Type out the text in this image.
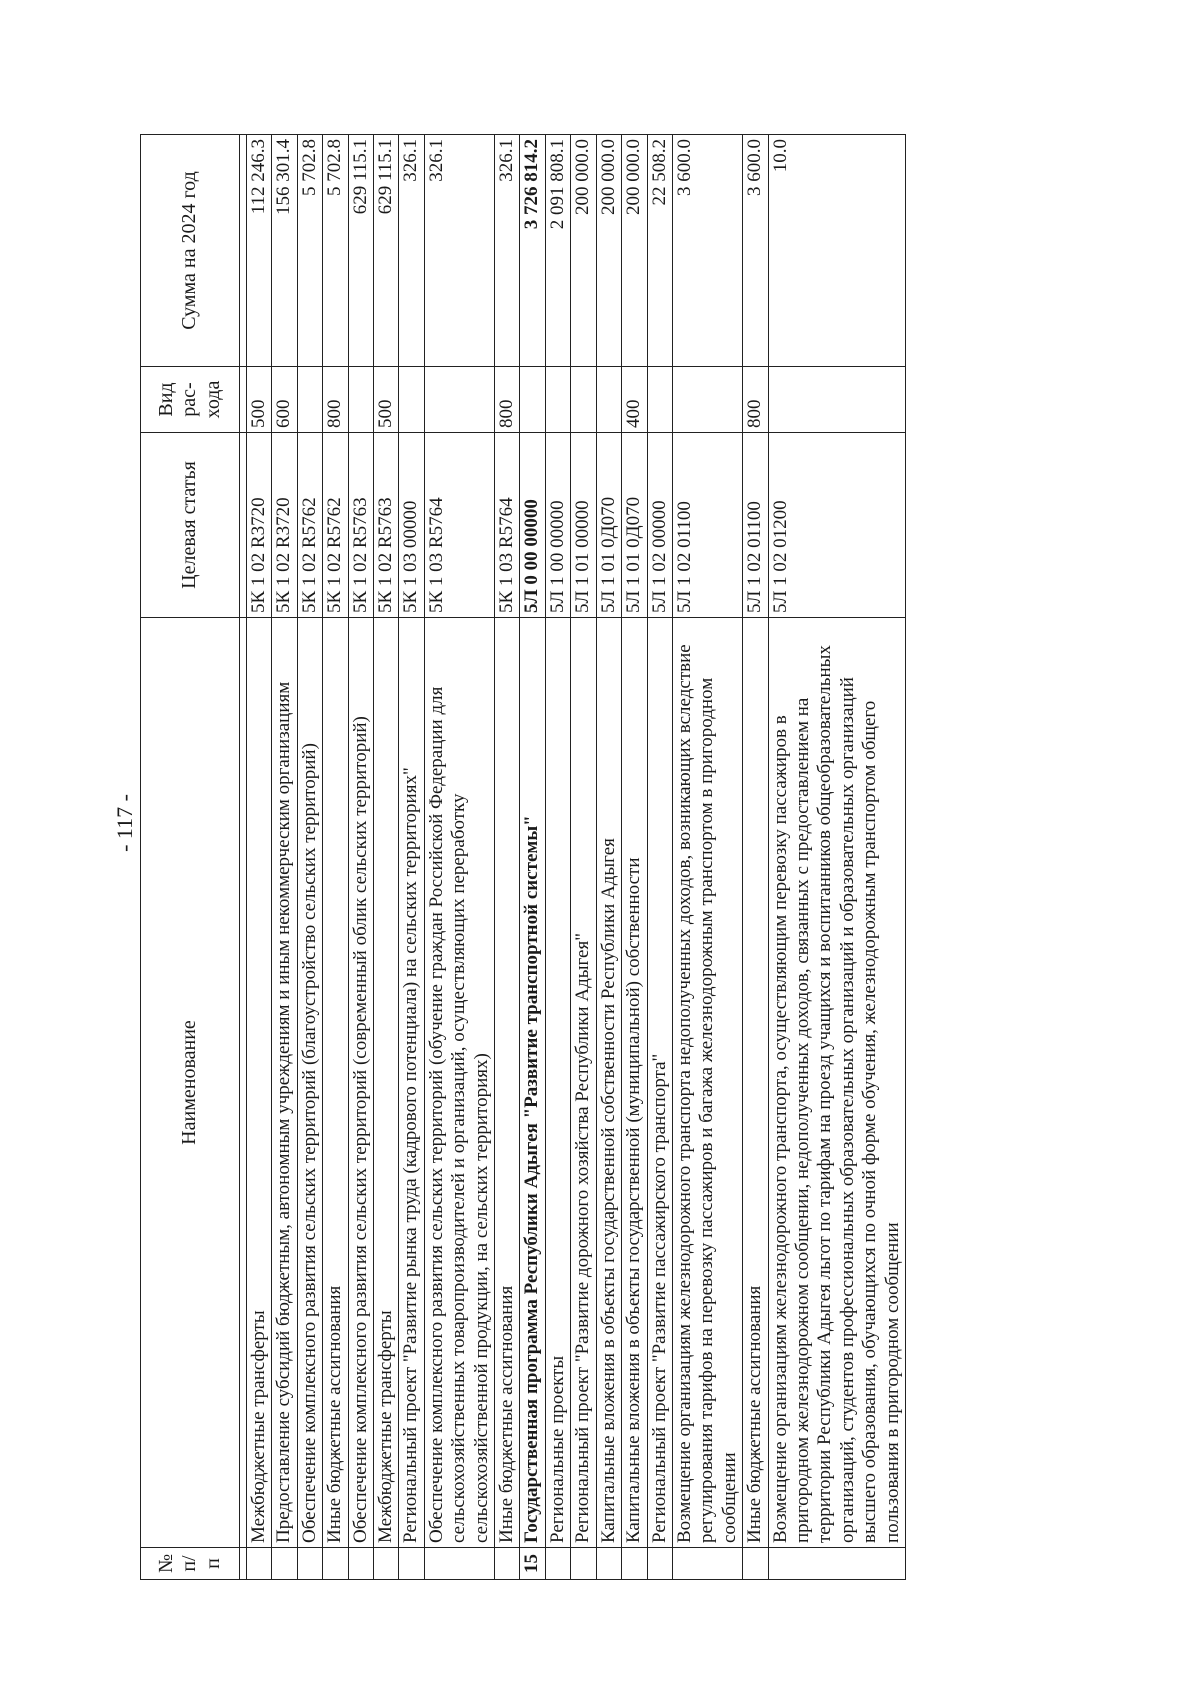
- 117 -
№ п/п	Наименование	Целевая статья	Вид рас-хода	Сумма на 2024 год

	Межбюджетные трансферты	5К 1 02 R3720	500	112 246.3
	Предоставление субсидий бюджетным, автономным учреждениям и иным некоммерческим организациям	5К 1 02 R3720	600	156 301.4
	Обеспечение комплексного развития сельских территорий (благоустройство сельских территорий)	5К 1 02 R5762		5 702.8
	Иные бюджетные ассигнования	5К 1 02 R5762	800	5 702.8
	Обеспечение комплексного развития сельских территорий (современный облик сельских территорий)	5К 1 02 R5763		629 115.1
	Межбюджетные трансферты	5К 1 02 R5763	500	629 115.1
	Региональный проект "Развитие рынка труда (кадрового потенциала) на сельских территориях"	5К 1 03 00000		326.1
	Обеспечение комплексного развития сельских территорий (обучение граждан Российской Федерации для сельскохозяйственных товаропроизводителей и организаций, осуществляющих переработку сельскохозяйственной продукции, на сельских территориях)	5К 1 03 R5764		326.1
	Иные бюджетные ассигнования	5К 1 03 R5764	800	326.1
15	Государственная программа Республики Адыгея "Развитие транспортной системы"	5Л 0 00 00000		3 726 814.2
	Региональные проекты	5Л 1 00 00000		2 091 808.1
	Региональный проект "Развитие дорожного хозяйства Республики Адыгея"	5Л 1 01 00000		200 000.0
	Капитальные вложения в объекты государственной собственности Республики Адыгея	5Л 1 01 0Д070		200 000.0
	Капитальные вложения в объекты государственной (муниципальной) собственности	5Л 1 01 0Д070	400	200 000.0
	Региональный проект "Развитие пассажирского транспорта"	5Л 1 02 00000		22 508.2
	Возмещение организациям железнодорожного транспорта недополученных доходов, возникающих вследствие регулирования тарифов на перевозку пассажиров и багажа железнодорожным транспортом в пригородном сообщении	5Л 1 02 01100		3 600.0
	Иные бюджетные ассигнования	5Л 1 02 01100	800	3 600.0
	Возмещение организациям железнодорожного транспорта, осуществляющим перевозку пассажиров в пригородном железнодорожном сообщении, недополученных доходов, связанных с предоставлением на территории Республики Адыгея льгот по тарифам на проезд учащихся и воспитанников общеобразовательных организаций, студентов профессиональных образовательных организаций и образовательных организаций высшего образования, обучающихся по очной форме обучения, железнодорожным транспортом общего пользования в пригородном сообщении	5Л 1 02 01200		10.0
